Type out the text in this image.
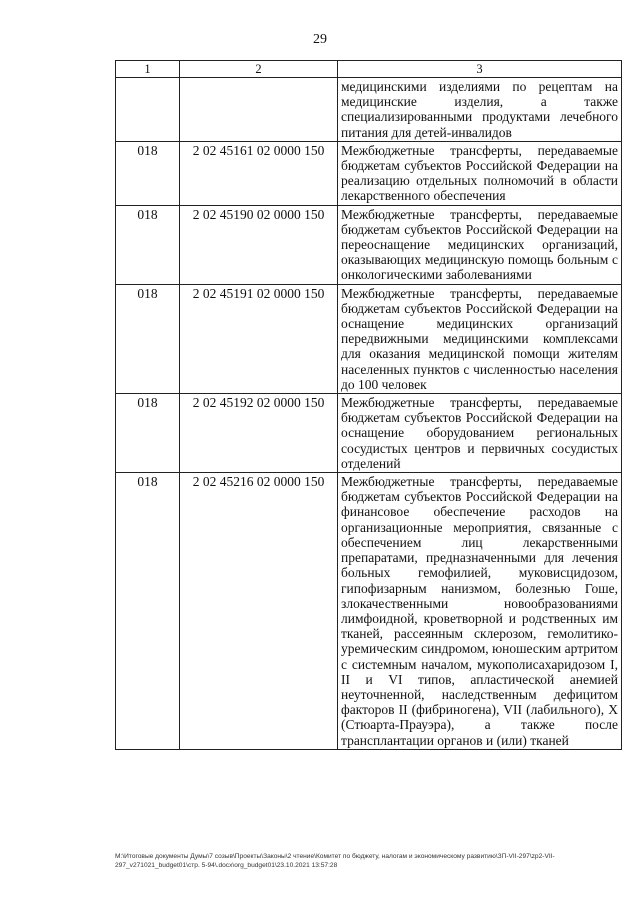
29
1	2	3
		медицинскими изделиями по рецептам на медицинские изделия, а также специализированными продуктами лечебного питания для детей-инвалидов
018	2 02 45161 02 0000 150	Межбюджетные трансферты, передаваемые бюджетам субъектов Российской Федерации на реализацию отдельных полномочий в области лекарственного обеспечения
018	2 02 45190 02 0000 150	Межбюджетные трансферты, передаваемые бюджетам субъектов Российской Федерации на переоснащение медицинских организаций, оказывающих медицинскую помощь больным с онкологическими заболеваниями
018	2 02 45191 02 0000 150	Межбюджетные трансферты, передаваемые бюджетам субъектов Российской Федерации на оснащение медицинских организаций передвижными медицинскими комплексами для оказания медицинской помощи жителям населенных пунктов с численностью населения до 100 человек
018	2 02 45192 02 0000 150	Межбюджетные трансферты, передаваемые бюджетам субъектов Российской Федерации на оснащение оборудованием региональных сосудистых центров и первичных сосудистых отделений
018	2 02 45216 02 0000 150	Межбюджетные трансферты, передаваемые бюджетам субъектов Российской Федерации на финансовое обеспечение расходов на организационные мероприятия, связанные с обеспечением лиц лекарственными препаратами, предназначенными для лечения больных гемофилией, муковисцидозом, гипофизарным нанизмом, болезнью Гоше, злокачественными новообразованиями лимфоидной, кроветворной и родственных им тканей, рассеянным склерозом, гемолитико-уремическим синдромом, юношеским артритом с системным началом, мукополисахаридозом I, II и VI типов, апластической анемией неуточненной, наследственным дефицитом факторов II (фибриногена), VII (лабильного), X (Стюарта-Прауэра), а также после трансплантации органов и (или) тканей
M:\Итоговые документы Думы\7 созыв\Проекты\Законы\2 чтение\Комитет по бюджету, налогам и экономическому развитию\ЗП-VII-297\zp2-VII-
297_v271021_budget01\стр. 5-94\.docx\org_budget01\23.10.2021 13:57:28
